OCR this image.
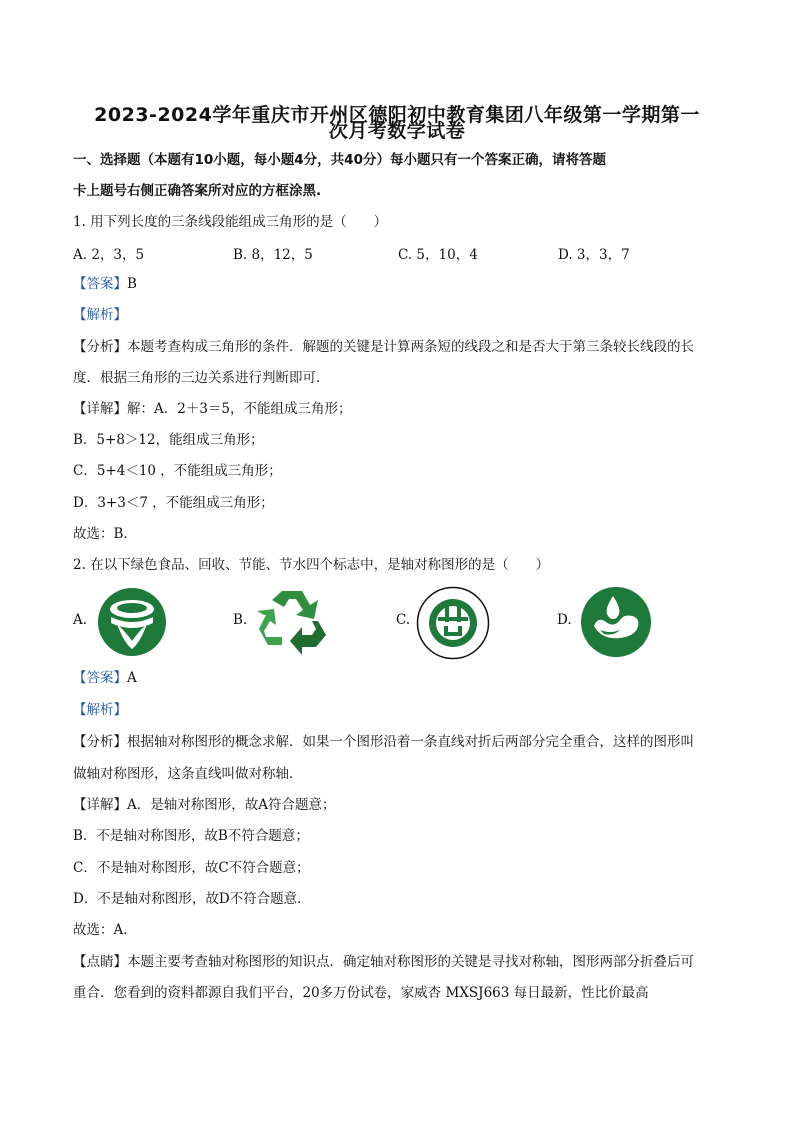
2023-2024学年重庆市开州区德阳初中教育集团八年级第一学期第一
次月考数学试卷
一、选择题（本题有10小题，每小题4分，共40分）每小题只有一个答案正确，请将答题
卡上题号右侧正确答案所对应的方框涂黑.
1. 用下列长度的三条线段能组成三角形的是（　　）
A. 2，3，5	B. 8，12，5	C. 5，10，4	D. 3，3，7
【答案】B
【解析】
【分析】本题考查构成三角形的条件．解题的关键是计算两条短的线段之和是否大于第三条较长线段的长
度．根据三角形的三边关系进行判断即可．
【详解】解：A．2＋3＝5，不能组成三角形；
B．5+8＞12，能组成三角形；
C．5+4＜10 ，不能组成三角形；
D．3+3＜7 ，不能组成三角形；
故选：B．
2. 在以下绿色食品、回收、节能、节水四个标志中，是轴对称图形的是（　　）
A.	B.	C.	D.
【答案】A
【解析】
【分析】根据轴对称图形的概念求解．如果一个图形沿着一条直线对折后两部分完全重合，这样的图形叫
做轴对称图形，这条直线叫做对称轴．
【详解】A．是轴对称图形，故A符合题意；
B．不是轴对称图形，故B不符合题意；
C．不是轴对称图形，故C不符合题意；
D．不是轴对称图形，故D不符合题意．
故选：A．
【点睛】本题主要考查轴对称图形的知识点．确定轴对称图形的关键是寻找对称轴，图形两部分折叠后可
重合．您看到的资料都源自我们平台，20多万份试卷，家威杏 MXSJ663 每日最新，性比价最高
